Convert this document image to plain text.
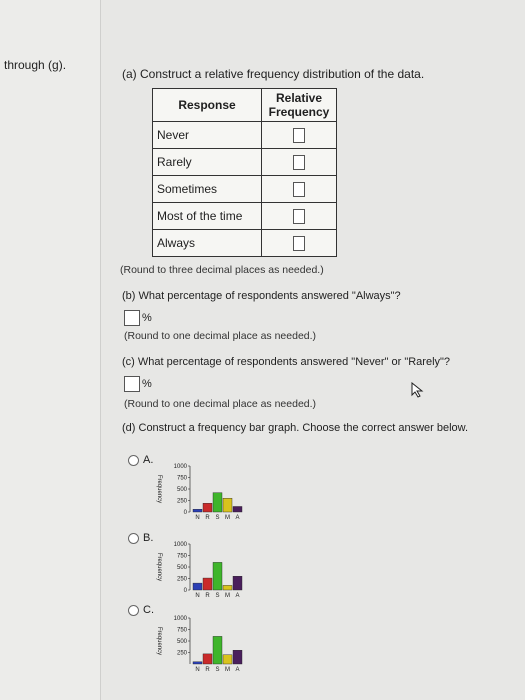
through (g).
(a) Construct a relative frequency distribution of the data.
Response	Relative Frequency
Never	
Rarely	
Sometimes	
Most of the time	
Always	
(Round to three decimal places as needed.)
(b) What percentage of respondents answered "Always"?
%
(Round to one decimal place as needed.)
(c) What percentage of respondents answered "Never" or "Rarely"?
%
(Round to one decimal place as needed.)
(d) Construct a frequency bar graph. Choose the correct answer below.
A.
B.
C.
Frequency
1000
750
500
250
0
N R S M A
Frequency
1000
750
500
250
0
N R S M A
Frequency
1000
750
500
250
N R S M A
